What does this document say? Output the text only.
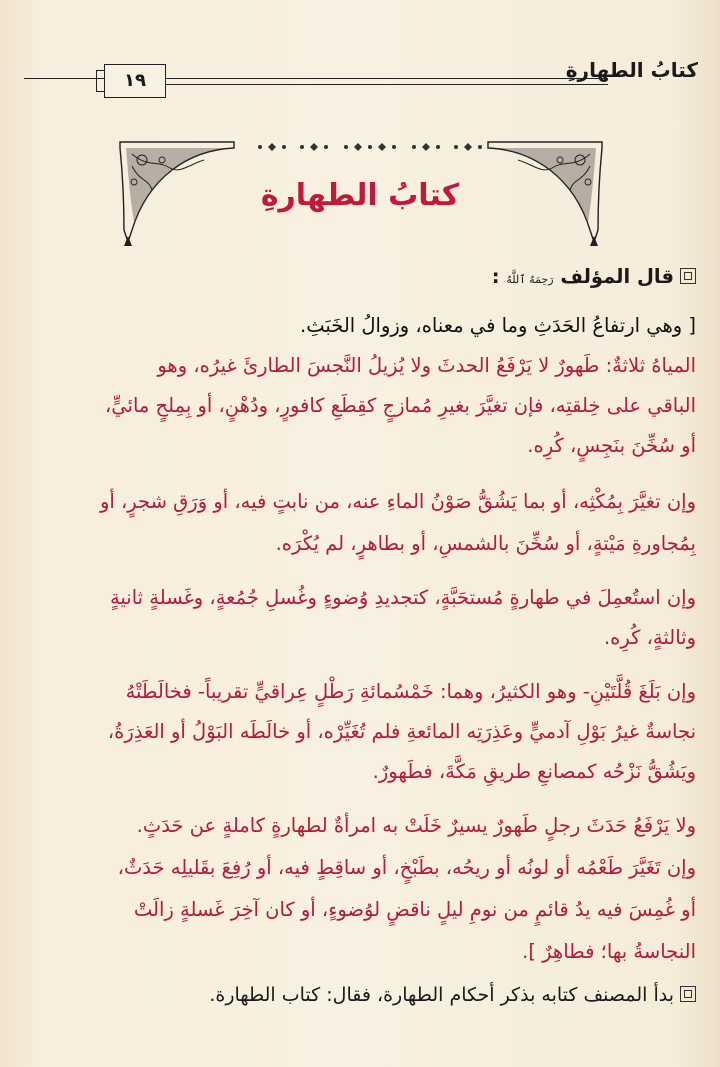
كتابُ الطهارةِ
١٩
كتابُ الطهارةِ
قال المؤلف رَحِمَهُ ٱللَّهُ :
[ وهي ارتفاعُ الحَدَثِ وما في معناه، وزوالُ الخَبَثِ.
المياهُ ثلاثةٌ: طَهورٌ لا يَرْفَعُ الحدثَ ولا يُزيلُ النَّجسَ الطارئَ غيرُه، وهو
الباقي على خِلقتِه، فإن تغيَّرَ بغيرِ مُمازجٍ كقِطَعِ كافورٍ، ودُهْنٍ، أو بِمِلحٍ مائيٍّ،
أو سُخِّنَ بنَجِسٍ، كُرِه.
وإن تغيَّرَ بِمُكْثِه، أو بما يَشُقُّ صَوْنُ الماءِ عنه، من نابتٍ فيه، أو وَرَقِ شجرٍ، أو
بِمُجاورةِ مَيْتةٍ، أو سُخِّنَ بالشمسِ، أو بطاهرٍ، لم يُكْرَه.
وإن استُعمِلَ في طهارةٍ مُستحَبَّةٍ، كتجديدِ وُضوءٍ وغُسلِ جُمُعةٍ، وغَسلةٍ ثانيةٍ
وثالثةٍ، كُرِه.
وإن بَلَغَ قُلَّتَيْنِ- وهو الكثيرُ، وهما: خَمْسُمائةِ رَطْلٍ عِراقيٍّ تقريباً- فخالَطَتْهُ
نجاسةٌ غيرُ بَوْلِ آدميٍّ وعَذِرَتِه المائعةِ فلم تُغَيِّرْه، أو خالَطَه البَوْلُ أو العَذِرَةُ،
ويَشُقُّ نَزْحُه كمصانعِ طريقِ مَكَّةَ، فطَهورٌ.
ولا يَرْفَعُ حَدَثَ رجلٍ طَهورٌ يسيرٌ خَلَتْ به امرأةٌ لطهارةٍ كاملةٍ عن حَدَثٍ.
وإن تَغَيَّرَ طَعْمُه أو لونُه أو ريحُه، بطَبْخٍ، أو ساقِطٍ فيه، أو رُفِعَ بقَليلِه حَدَثٌ،
أو غُمِسَ فيه يدُ قائمٍ من نومِ ليلٍ ناقضٍ لوُضوءٍ، أو كان آخِرَ غَسلةٍ زالَتْ
النجاسةُ بها؛ فطاهِرٌ ].
بدأ المصنف كتابه بذكر أحكام الطهارة، فقال: كتاب الطهارة.
